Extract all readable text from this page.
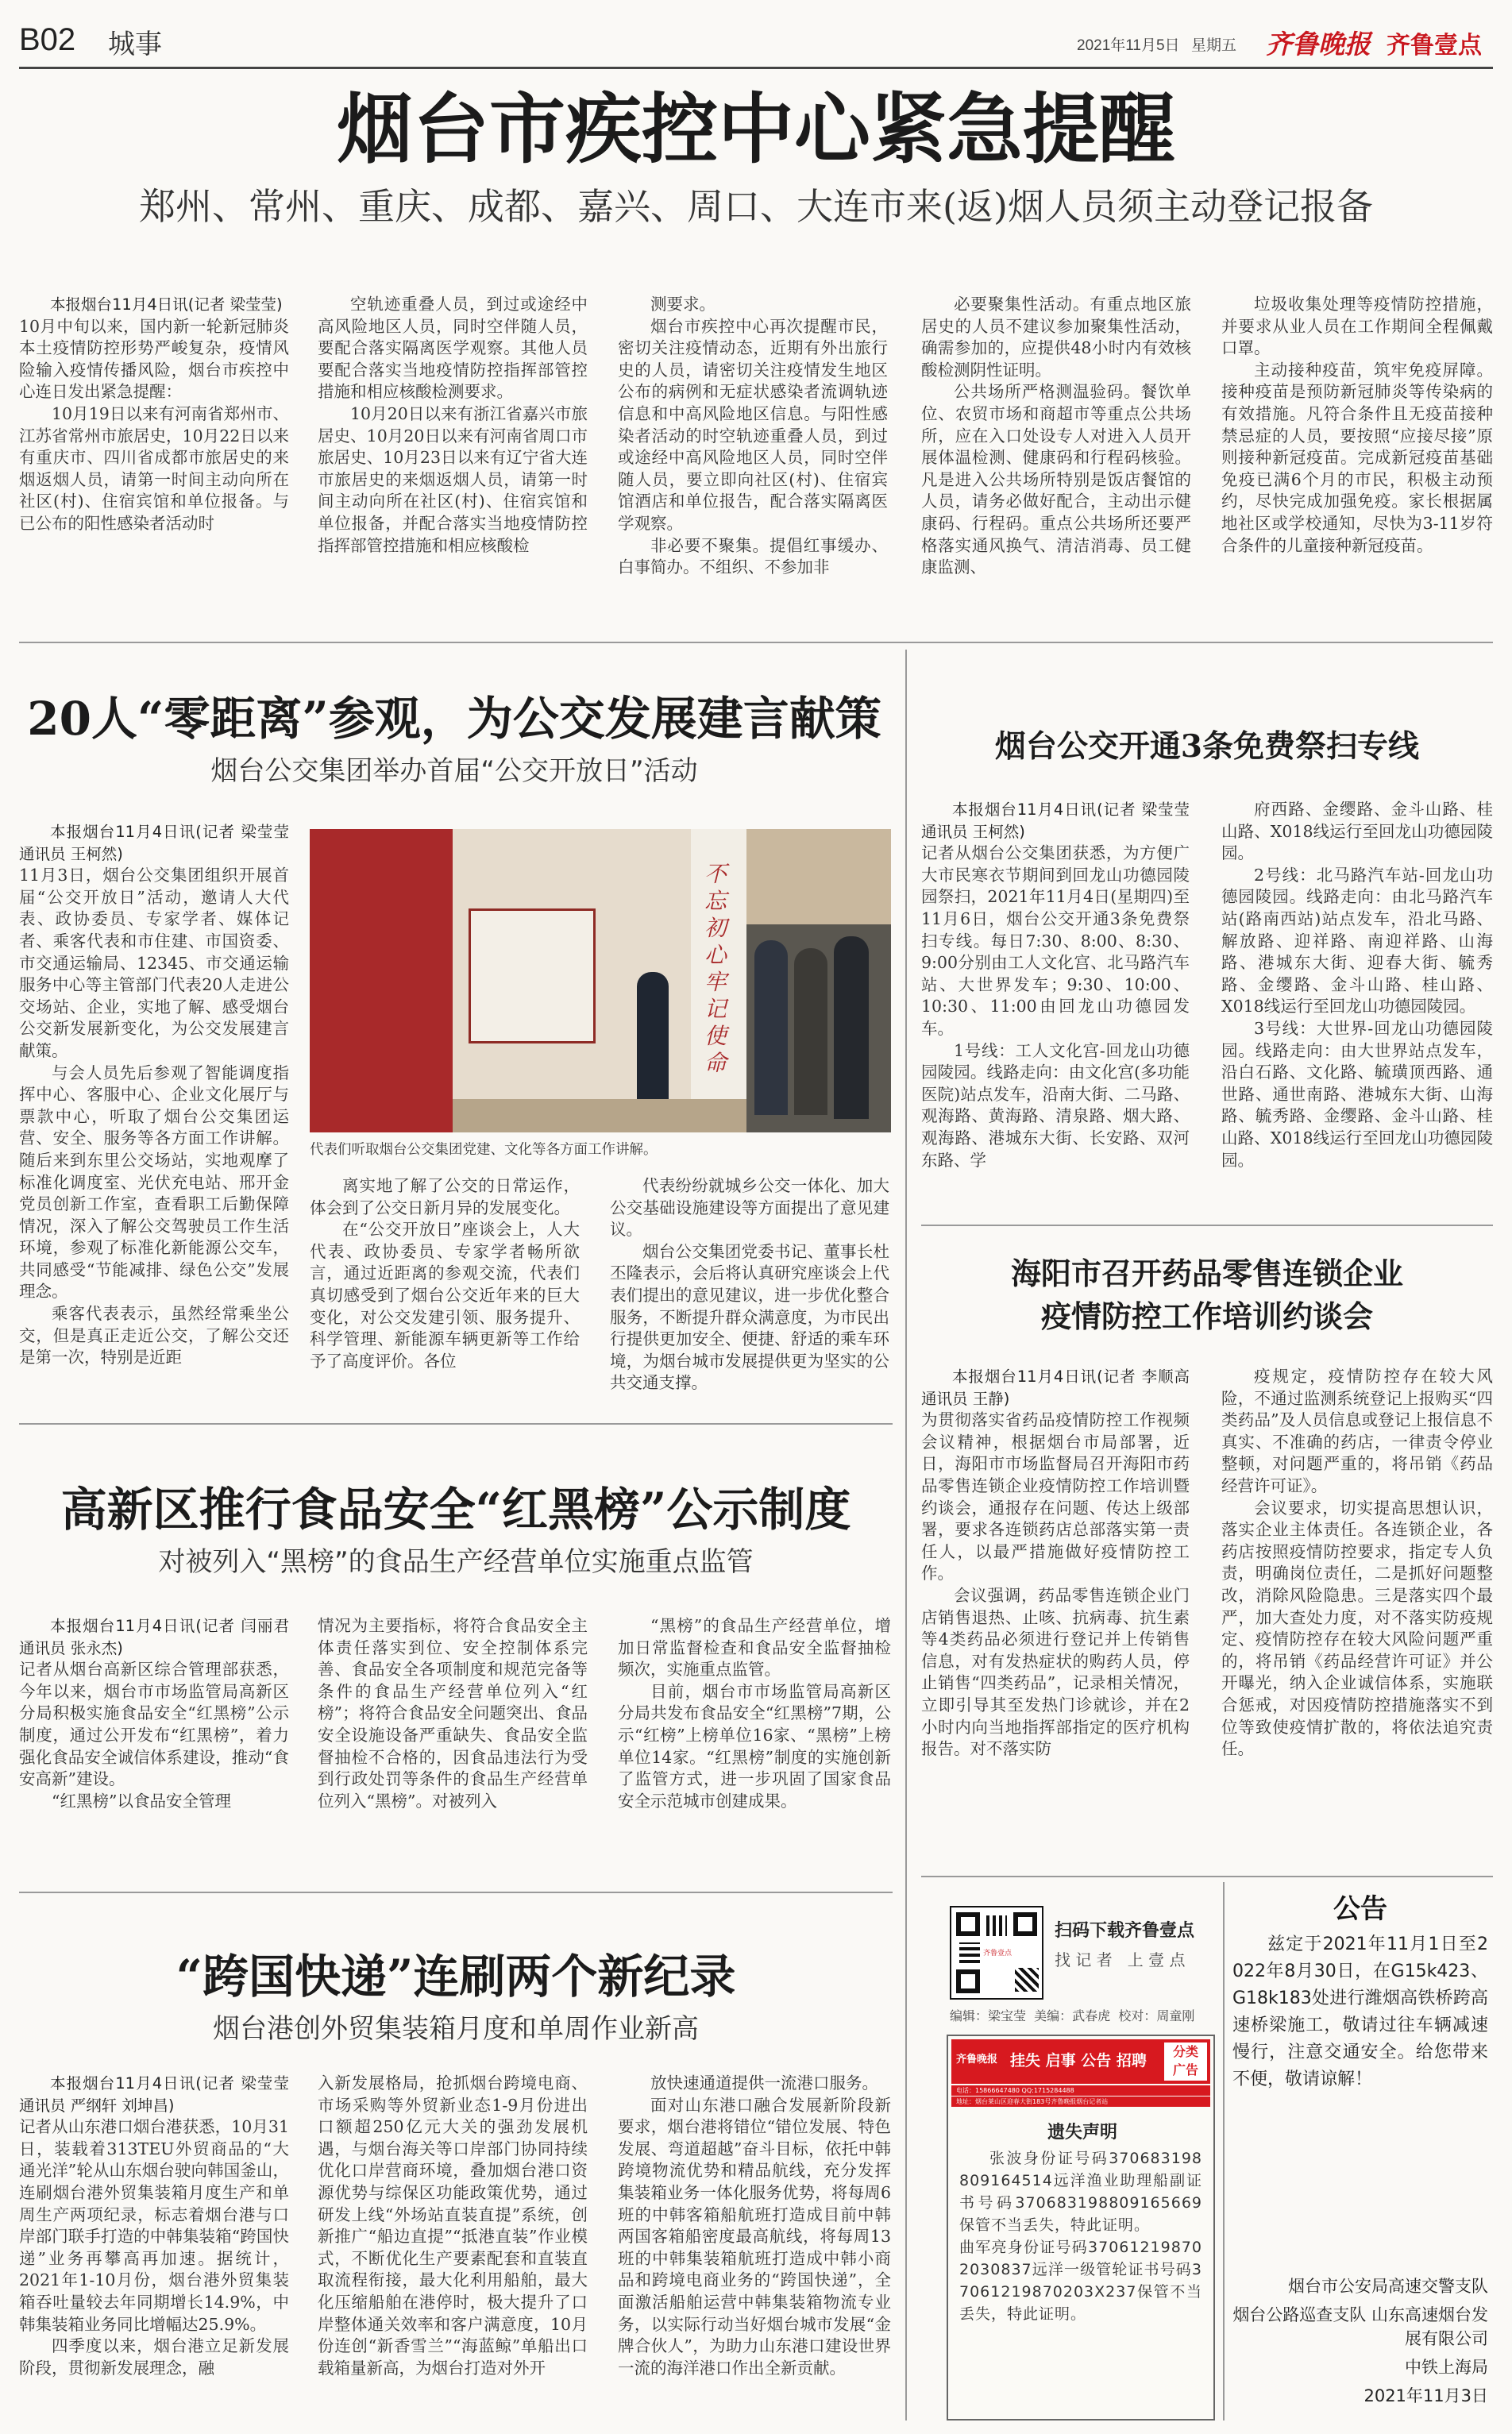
B02 城事	2021年11月5日 星期五 齐鲁晚报 齐鲁壹点
烟台市疾控中心紧急提醒
郑州、常州、重庆、成都、嘉兴、周口、大连市来(返)烟人员须主动登记报备
本报烟台11月4日讯(记者 梁莹莹)
10月中旬以来，国内新一轮新冠肺炎本土疫情防控形势严峻复杂，疫情风险输入疫情传播风险，烟台市疾控中心连日发出紧急提醒：
10月19日以来有河南省郑州市、江苏省常州市旅居史，10月22日以来有重庆市、四川省成都市旅居史的来烟返烟人员，请第一时间主动向所在社区(村)、住宿宾馆和单位报备。与已公布的阳性感染者活动时
空轨迹重叠人员，到过或途经中高风险地区人员，同时空伴随人员，要配合落实隔离医学观察。其他人员要配合落实当地疫情防控指挥部管控措施和相应核酸检测要求。
10月20日以来有浙江省嘉兴市旅居史、10月20日以来有河南省周口市旅居史、10月23日以来有辽宁省大连市旅居史的来烟返烟人员，请第一时间主动向所在社区(村)、住宿宾馆和单位报备，并配合落实当地疫情防控指挥部管控措施和相应核酸检
测要求。
烟台市疾控中心再次提醒市民，密切关注疫情动态，近期有外出旅行史的人员，请密切关注疫情发生地区公布的病例和无症状感染者流调轨迹信息和中高风险地区信息。与阳性感染者活动的时空轨迹重叠人员，到过或途经中高风险地区人员，同时空伴随人员，要立即向社区(村)、住宿宾馆酒店和单位报告，配合落实隔离医学观察。
非必要不聚集。提倡红事缓办、白事简办。不组织、不参加非
必要聚集性活动。有重点地区旅居史的人员不建议参加聚集性活动，确需参加的，应提供48小时内有效核酸检测阴性证明。
公共场所严格测温验码。餐饮单位、农贸市场和商超市等重点公共场所，应在入口处设专人对进入人员开展体温检测、健康码和行程码核验。凡是进入公共场所特别是饭店餐馆的人员，请务必做好配合，主动出示健康码、行程码。重点公共场所还要严格落实通风换气、清洁消毒、员工健康监测、
垃圾收集处理等疫情防控措施，并要求从业人员在工作期间全程佩戴口罩。
主动接种疫苗，筑牢免疫屏障。接种疫苗是预防新冠肺炎等传染病的有效措施。凡符合条件且无疫苗接种禁忌症的人员，要按照“应接尽接”原则接种新冠疫苗。完成新冠疫苗基础免疫已满6个月的市民，积极主动预约，尽快完成加强免疫。家长根据属地社区或学校通知，尽快为3-11岁符合条件的儿童接种新冠疫苗。
20人“零距离”参观，为公交发展建言献策
烟台公交集团举办首届“公交开放日”活动
本报烟台11月4日讯(记者 梁莹莹 通讯员 王柯然)
11月3日，烟台公交集团组织开展首届“公交开放日”活动，邀请人大代表、政协委员、专家学者、媒体记者、乘客代表和市住建、市国资委、市交通运输局、12345、市交通运输服务中心等主管部门代表20人走进公交场站、企业，实地了解、感受烟台公交新发展新变化，为公交发展建言献策。
与会人员先后参观了智能调度指挥中心、客服中心、企业文化展厅与票款中心，听取了烟台公交集团运营、安全、服务等各方面工作讲解。随后来到东里公交场站，实地观摩了标准化调度室、光伏充电站、邢开金党员创新工作室，查看职工后勤保障情况，深入了解公交驾驶员工作生活环境，参观了标准化新能源公交车，共同感受“节能减排、绿色公交”发展理念。
乘客代表表示，虽然经常乘坐公交，但是真正走近公交，了解公交还是第一次，特别是近距
不忘初心 牢记使命
代表们听取烟台公交集团党建、文化等各方面工作讲解。
离实地了解了公交的日常运作，体会到了公交日新月异的发展变化。
在“公交开放日”座谈会上，人大代表、政协委员、专家学者畅所欲言，通过近距离的参观交流，代表们真切感受到了烟台公交近年来的巨大变化，对公交发建引领、服务提升、科学管理、新能源车辆更新等工作给予了高度评价。各位
代表纷纷就城乡公交一体化、加大公交基础设施建设等方面提出了意见建议。
烟台公交集团党委书记、董事长杜丕隆表示，会后将认真研究座谈会上代表们提出的意见建议，进一步优化整合服务，不断提升群众满意度，为市民出行提供更加安全、便捷、舒适的乘车环境，为烟台城市发展提供更为坚实的公共交通支撑。
烟台公交开通3条免费祭扫专线
本报烟台11月4日讯(记者 梁莹莹 通讯员 王柯然)
记者从烟台公交集团获悉，为方便广大市民寒衣节期间到回龙山功德园陵园祭扫，2021年11月4日(星期四)至11月6日，烟台公交开通3条免费祭扫专线。每日7:30、8:00、8:30、9:00分别由工人文化宫、北马路汽车站、大世界发车；9:30、10:00、10:30、11:00由回龙山功德园发车。
1号线：工人文化宫-回龙山功德园陵园。线路走向：由文化宫(多功能医院)站点发车，沿南大街、二马路、观海路、黄海路、清泉路、烟大路、观海路、港城东大街、长安路、双河东路、学
府西路、金缨路、金斗山路、桂山路、X018线运行至回龙山功德园陵园。
2号线：北马路汽车站-回龙山功德园陵园。线路走向：由北马路汽车站(路南西站)站点发车，沿北马路、解放路、迎祥路、南迎祥路、山海路、港城东大街、迎春大街、毓秀路、金缨路、金斗山路、桂山路、X018线运行至回龙山功德园陵园。
3号线：大世界-回龙山功德园陵园。线路走向：由大世界站点发车，沿白石路、文化路、毓璜顶西路、通世路、通世南路、港城东大街、山海路、毓秀路、金缨路、金斗山路、桂山路、X018线运行至回龙山功德园陵园。
海阳市召开药品零售连锁企业
疫情防控工作培训约谈会
本报烟台11月4日讯(记者 李顺高 通讯员 王静)
为贯彻落实省药品疫情防控工作视频会议精神，根据烟台市局部署，近日，海阳市市场监督局召开海阳市药品零售连锁企业疫情防控工作培训暨约谈会，通报存在问题、传达上级部署，要求各连锁药店总部落实第一责任人，以最严措施做好疫情防控工作。
会议强调，药品零售连锁企业门店销售退热、止咳、抗病毒、抗生素等4类药品必须进行登记并上传销售信息，对有发热症状的购药人员，停止销售“四类药品”，记录相关情况，立即引导其至发热门诊就诊，并在2小时内向当地指挥部指定的医疗机构报告。对不落实防
疫规定，疫情防控存在较大风险，不通过监测系统登记上报购买“四类药品”及人员信息或登记上报信息不真实、不准确的药店，一律责令停业整顿，对问题严重的，将吊销《药品经营许可证》。
会议要求，切实提高思想认识，落实企业主体责任。各连锁企业，各药店按照疫情防控要求，指定专人负责，明确岗位责任，二是抓好问题整改，消除风险隐患。三是落实四个最严，加大查处力度，对不落实防疫规定、疫情防控存在较大风险问题严重的，将吊销《药品经营许可证》并公开曝光，纳入企业诚信体系，实施联合惩戒，对因疫情防控措施落实不到位等致使疫情扩散的，将依法追究责任。
高新区推行食品安全“红黑榜”公示制度
对被列入“黑榜”的食品生产经营单位实施重点监管
本报烟台11月4日讯(记者 闫丽君 通讯员 张永杰)
记者从烟台高新区综合管理部获悉，今年以来，烟台市市场监管局高新区分局积极实施食品安全“红黑榜”公示制度，通过公开发布“红黑榜”，着力强化食品安全诚信体系建设，推动“食安高新”建设。
“红黑榜”以食品安全管理
情况为主要指标，将符合食品安全主体责任落实到位、安全控制体系完善、食品安全各项制度和规范完备等条件的食品生产经营单位列入“红榜”；将符合食品安全问题突出、食品安全设施设备严重缺失、食品安全监督抽检不合格的，因食品违法行为受到行政处罚等条件的食品生产经营单位列入“黑榜”。对被列入
“黑榜”的食品生产经营单位，增加日常监督检查和食品安全监督抽检频次，实施重点监管。
目前，烟台市市场监管局高新区分局共发布食品安全“红黑榜”7期，公示“红榜”上榜单位16家、“黑榜”上榜单位14家。“红黑榜”制度的实施创新了监管方式，进一步巩固了国家食品安全示范城市创建成果。
“跨国快递”连刷两个新纪录
烟台港创外贸集装箱月度和单周作业新高
本报烟台11月4日讯(记者 梁莹莹 通讯员 严纲轩 刘坤昌)
记者从山东港口烟台港获悉，10月31日，装载着313TEU外贸商品的“大通光洋”轮从山东烟台驶向韩国釜山，连刷烟台港外贸集装箱月度生产和单周生产两项纪录，标志着烟台港与口岸部门联手打造的中韩集装箱“跨国快递”业务再攀高再加速。据统计，2021年1-10月份，烟台港外贸集装箱吞吐量较去年同期增长14.9%，中韩集装箱业务同比增幅达25.9%。
四季度以来，烟台港立足新发展阶段，贯彻新发展理念，融
入新发展格局，抢抓烟台跨境电商、市场采购等外贸新业态1-9月份进出口额超250亿元大关的强劲发展机遇，与烟台海关等口岸部门协同持续优化口岸营商环境，叠加烟台港口资源优势与综保区功能政策优势，通过研发上线“外场站直装直提”系统，创新推广“船边直提”“抵港直装”作业模式，不断优化生产要素配套和直装直取流程衔接，最大化利用船舶，最大化压缩船舶在港停时，极大提升了口岸整体通关效率和客户满意度，10月份连创“新香雪兰”“海蓝鲸”单船出口载箱量新高，为烟台打造对外开
放快速通道提供一流港口服务。
面对山东港口融合发展新阶段新要求，烟台港将错位“错位发展、特色发展、弯道超越”奋斗目标，依托中韩跨境物流优势和精品航线，充分发挥集装箱业务一体化服务优势，将每周6班的中韩客箱船航班打造成目前中韩两国客箱船密度最高航线，将每周13班的中韩集装箱航班打造成中韩小商品和跨境电商业务的“跨国快递”，全面激活船舶运营中韩集装箱物流专业务，以实际行动当好烟台城市发展“金牌合伙人”，为助力山东港口建设世界一流的海洋港口作出全新贡献。
齐鲁壹点
扫码下载齐鲁壹点
找 记 者   上 壹 点
编辑：梁宝莹  美编：武春虎  校对：周童刚
齐鲁晚报 挂失 启事 公告 招聘
分类
广告
电话：15866647480 QQ:1715284488
地址：烟台莱山区迎春大街183号齐鲁晚报烟台记者站
遗失声明
张波身份证号码370683198809164514远洋渔业助理船副证书号码370683198809165669保管不当丢失，特此证明。
曲军亮身份证号码370612198702030837远洋一级管轮证书号码37061219870203X237保管不当丢失，特此证明。
公告
兹定于2021年11月1日至2022年8月30日，在G15k423、G18k183处进行潍烟高铁桥跨高速桥梁施工，敬请过往车辆减速慢行，注意交通安全。给您带来不便，敬请谅解！
烟台市公安局高速交警支队
烟台公路巡查支队 山东高速烟台发展有限公司
中铁上海局
2021年11月3日
